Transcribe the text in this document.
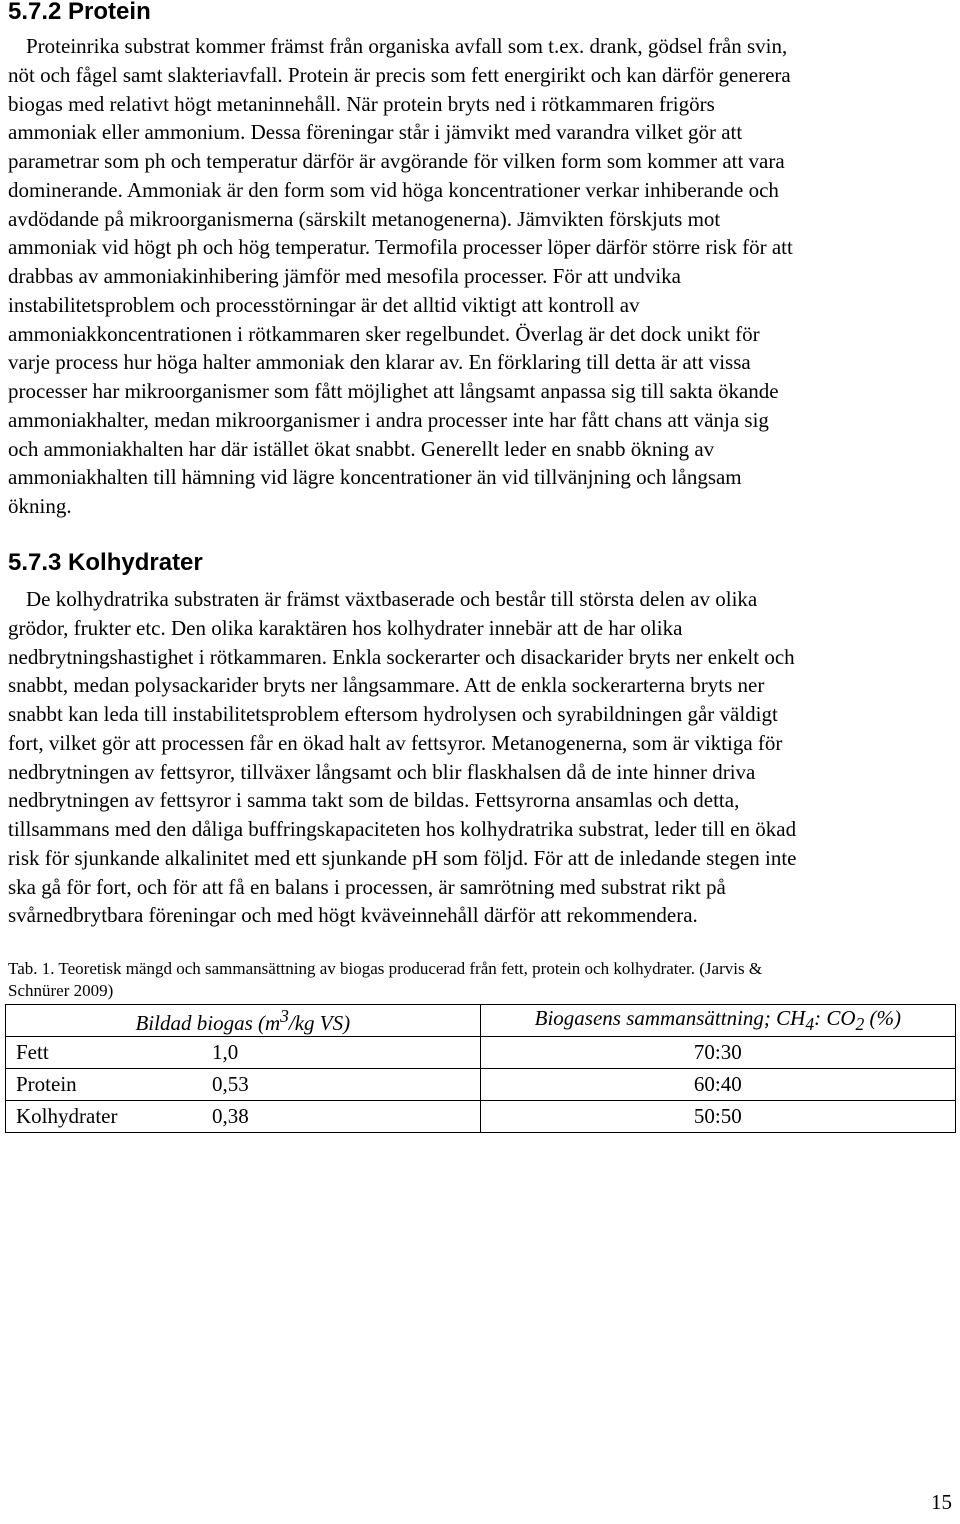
5.7.2 Protein

Proteinrika substrat kommer främst från organiska avfall som t.ex. drank, gödsel från svin,
nöt och fågel samt slakteriavfall. Protein är precis som fett energirikt och kan därför generera
biogas med relativt högt metaninnehåll. När protein bryts ned i rötkammaren frigörs
ammoniak eller ammonium. Dessa föreningar står i jämvikt med varandra vilket gör att
parametrar som ph och temperatur därför är avgörande för vilken form som kommer att vara
dominerande. Ammoniak är den form som vid höga koncentrationer verkar inhiberande och
avdödande på mikroorganismerna (särskilt metanogenerna). Jämvikten förskjuts mot
ammoniak vid högt ph och hög temperatur. Termofila processer löper därför större risk för att
drabbas av ammoniakinhibering jämför med mesofila processer. För att undvika
instabilitetsproblem och processtörningar är det alltid viktigt att kontroll av
ammoniakkoncentrationen i rötkammaren sker regelbundet. Överlag är det dock unikt för
varje process hur höga halter ammoniak den klarar av. En förklaring till detta är att vissa
processer har mikroorganismer som fått möjlighet att långsamt anpassa sig till sakta ökande
ammoniakhalter, medan mikroorganismer i andra processer inte har fått chans att vänja sig
och ammoniakhalten har där istället ökat snabbt. Generellt leder en snabb ökning av
ammoniakhalten till hämning vid lägre koncentrationer än vid tillvänjning och långsam
ökning.

5.7.3 Kolhydrater

De kolhydratrika substraten är främst växtbaserade och består till största delen av olika
grödor, frukter etc. Den olika karaktären hos kolhydrater innebär att de har olika
nedbrytningshastighet i rötkammaren. Enkla sockerarter och disackarider bryts ner enkelt och
snabbt, medan polysackarider bryts ner långsammare. Att de enkla sockerarterna bryts ner
snabbt kan leda till instabilitetsproblem eftersom hydrolysen och syrabildningen går väldigt
fort, vilket gör att processen får en ökad halt av fettsyror. Metanogenerna, som är viktiga för
nedbrytningen av fettsyror, tillväxer långsamt och blir flaskhalsen då de inte hinner driva
nedbrytningen av fettsyror i samma takt som de bildas. Fettsyrorna ansamlas och detta,
tillsammans med den dåliga buffringskapaciteten hos kolhydratrika substrat, leder till en ökad
risk för sjunkande alkalinitet med ett sjunkande pH som följd. För att de inledande stegen inte
ska gå för fort, och för att få en balans i processen, är samrötning med substrat rikt på
svårnedbrytbara föreningar och med högt kväveinnehåll därför att rekommendera.

Tab. 1. Teoretisk mängd och sammansättning av biogas producerad från fett, protein och kolhydrater. (Jarvis &
Schnürer 2009)

Bildad biogas ($m^3/kg$ VS)	Biogasens sammansättning; $CH_4$: $CO_2$ (%)
Fett 1,0	70:30
Protein 0,53	60:40
Kolhydrater 0,38	50:50
15
